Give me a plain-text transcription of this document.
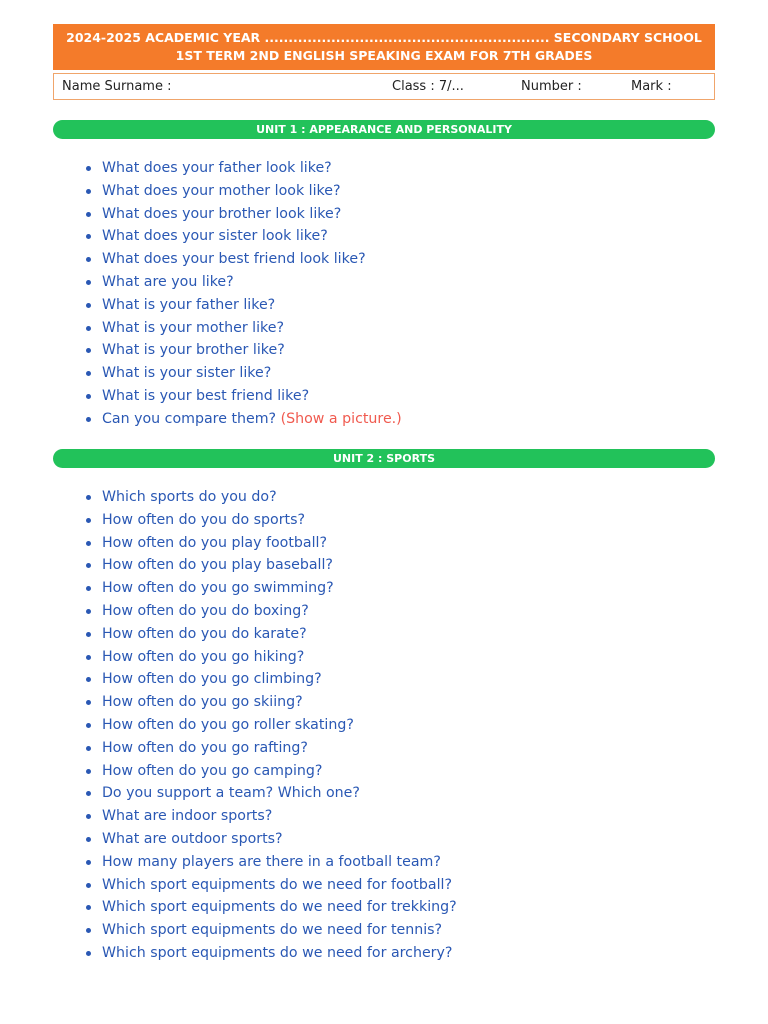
2024-2025 ACADEMIC YEAR ............................................................ SECONDARY SCHOOL
1ST TERM 2ND ENGLISH SPEAKING EXAM FOR 7TH GRADES
Name Surname :	Class : 7/...	Number :	Mark :
UNIT 1 : APPEARANCE AND PERSONALITY
What does your father look like?
What does your mother look like?
What does your brother look like?
What does your sister look like?
What does your best friend look like?
What are you like?
What is your father like?
What is your mother like?
What is your brother like?
What is your sister like?
What is your best friend like?
Can you compare them? (Show a picture.)
UNIT 2 : SPORTS
Which sports do you do?
How often do you do sports?
How often do you play football?
How often do you play baseball?
How often do you go swimming?
How often do you do boxing?
How often do you do karate?
How often do you go hiking?
How often do you go climbing?
How often do you go skiing?
How often do you go roller skating?
How often do you go rafting?
How often do you go camping?
Do you support a team? Which one?
What are indoor sports?
What are outdoor sports?
How many players are there in a football team?
Which sport equipments do we need for football?
Which sport equipments do we need for trekking?
Which sport equipments do we need for tennis?
Which sport equipments do we need for archery?
